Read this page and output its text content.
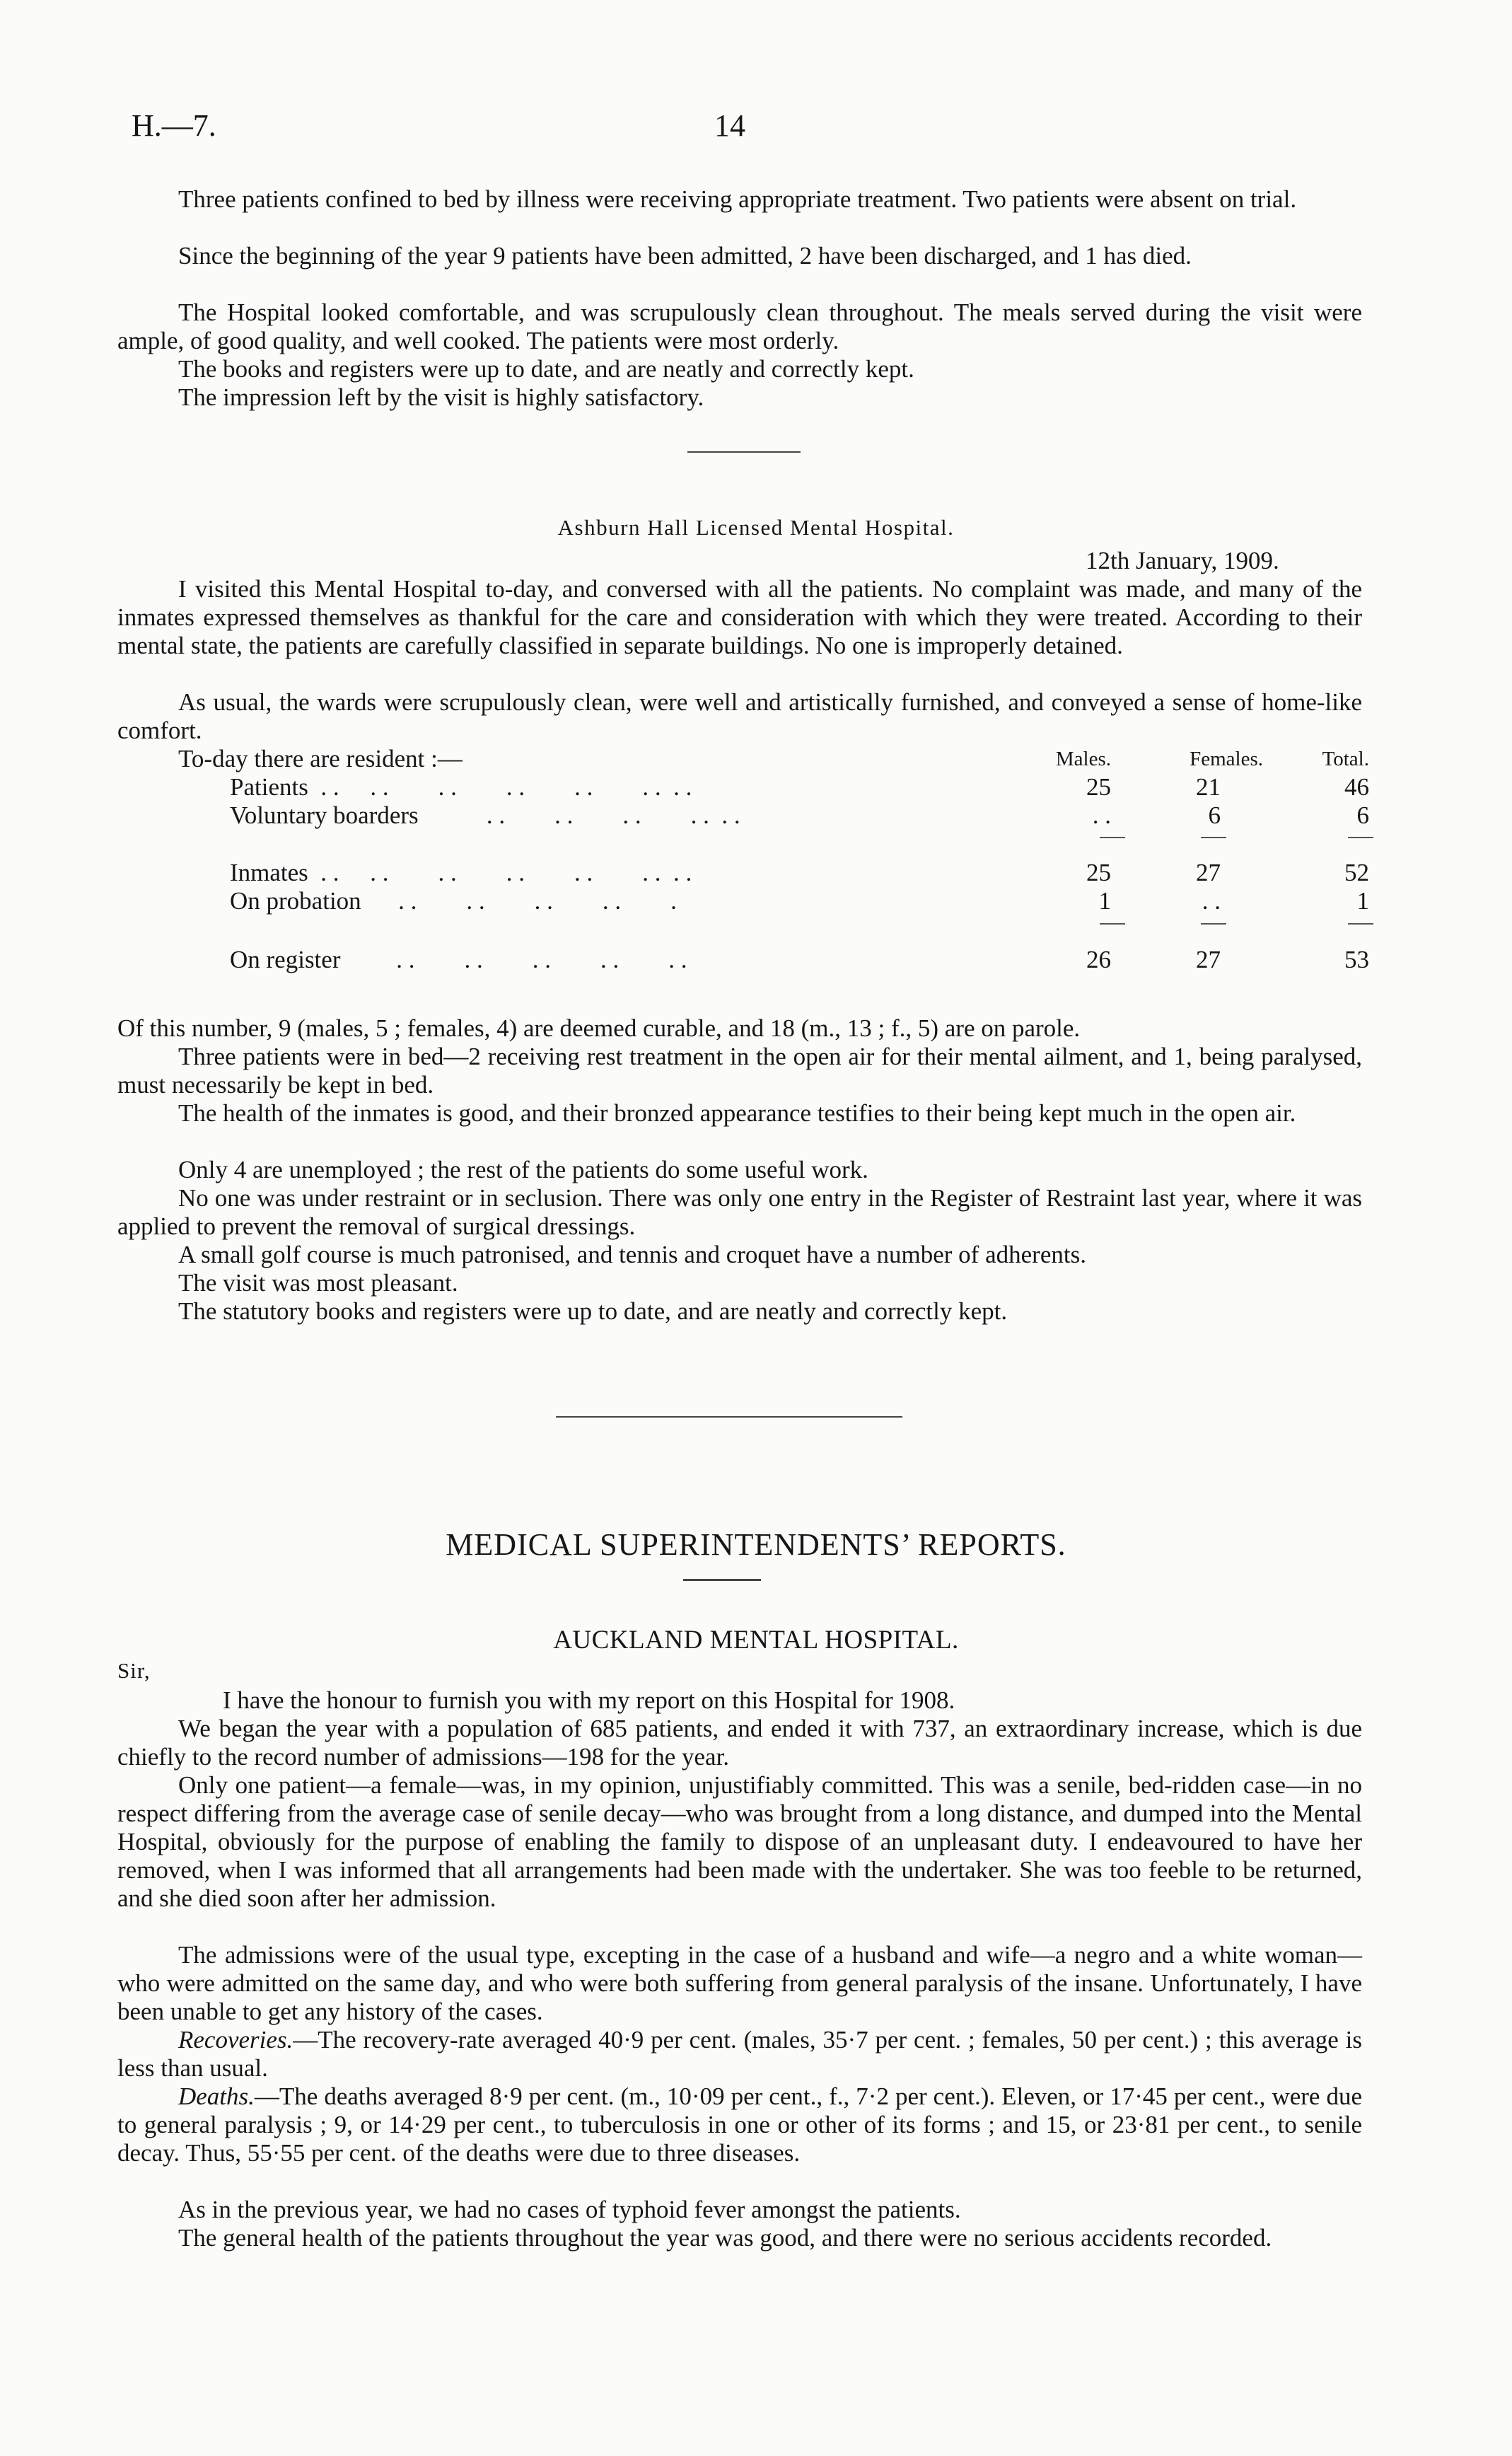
H.—7.	14

Three patients confined to bed by illness were receiving appropriate treatment. Two patients were absent on trial.

Since the beginning of the year 9 patients have been admitted, 2 have been discharged, and 1 has died.

The Hospital looked comfortable, and was scrupulously clean throughout. The meals served during the visit were ample, of good quality, and well cooked. The patients were most orderly.

The books and registers were up to date, and are neatly and correctly kept.

The impression left by the visit is highly satisfactory.

Ashburn Hall Licensed Mental Hospital.
12th January, 1909.

I visited this Mental Hospital to-day, and conversed with all the patients. No complaint was made, and many of the inmates expressed themselves as thankful for the care and consideration with which they were treated. According to their mental state, the patients are carefully classified in separate buildings. No one is improperly detained.

As usual, the wards were scrupulously clean, were well and artistically furnished, and conveyed a sense of home-like comfort.

To-day there are resident :—	Males.	Females.	Total.
Patients  . .     . .        . .        . .        . .        . .  . .	25	21	46
Voluntary boarders           . .        . .        . .        . .  . .	. .	6	6
Inmates  . .     . .        . .        . .        . .        . .  . .	25	27	52
On probation      . .        . .        . .        . .        .	1	. .	1
On register         . .        . .        . .        . .        . .	26	27	53

Of this number, 9 (males, 5 ; females, 4) are deemed curable, and 18 (m., 13 ; f., 5) are on parole.

Three patients were in bed—2 receiving rest treatment in the open air for their mental ailment, and 1, being paralysed, must necessarily be kept in bed.

The health of the inmates is good, and their bronzed appearance testifies to their being kept much in the open air.

Only 4 are unemployed ; the rest of the patients do some useful work.

No one was under restraint or in seclusion. There was only one entry in the Register of Restraint last year, where it was applied to prevent the removal of surgical dressings.

A small golf course is much patronised, and tennis and croquet have a number of adherents.

The visit was most pleasant.

The statutory books and registers were up to date, and are neatly and correctly kept.

MEDICAL SUPERINTENDENTS’ REPORTS.
AUCKLAND MENTAL HOSPITAL.
Sir,

I have the honour to furnish you with my report on this Hospital for 1908.

We began the year with a population of 685 patients, and ended it with 737, an extraordinary increase, which is due chiefly to the record number of admissions—198 for the year.

Only one patient—a female—was, in my opinion, unjustifiably committed. This was a senile, bed-ridden case—in no respect differing from the average case of senile decay—who was brought from a long distance, and dumped into the Mental Hospital, obviously for the purpose of enabling the family to dispose of an unpleasant duty. I endeavoured to have her removed, when I was informed that all arrangements had been made with the undertaker. She was too feeble to be returned, and she died soon after her admission.

The admissions were of the usual type, excepting in the case of a husband and wife—a negro and a white woman—who were admitted on the same day, and who were both suffering from general paralysis of the insane. Unfortunately, I have been unable to get any history of the cases.

Recoveries.—The recovery-rate averaged 40·9 per cent. (males, 35·7 per cent. ; females, 50 per cent.) ; this average is less than usual.

Deaths.—The deaths averaged 8·9 per cent. (m., 10·09 per cent., f., 7·2 per cent.). Eleven, or 17·45 per cent., were due to general paralysis ; 9, or 14·29 per cent., to tuberculosis in one or other of its forms ; and 15, or 23·81 per cent., to senile decay. Thus, 55·55 per cent. of the deaths were due to three diseases.

As in the previous year, we had no cases of typhoid fever amongst the patients.

The general health of the patients throughout the year was good, and there were no serious accidents recorded.
